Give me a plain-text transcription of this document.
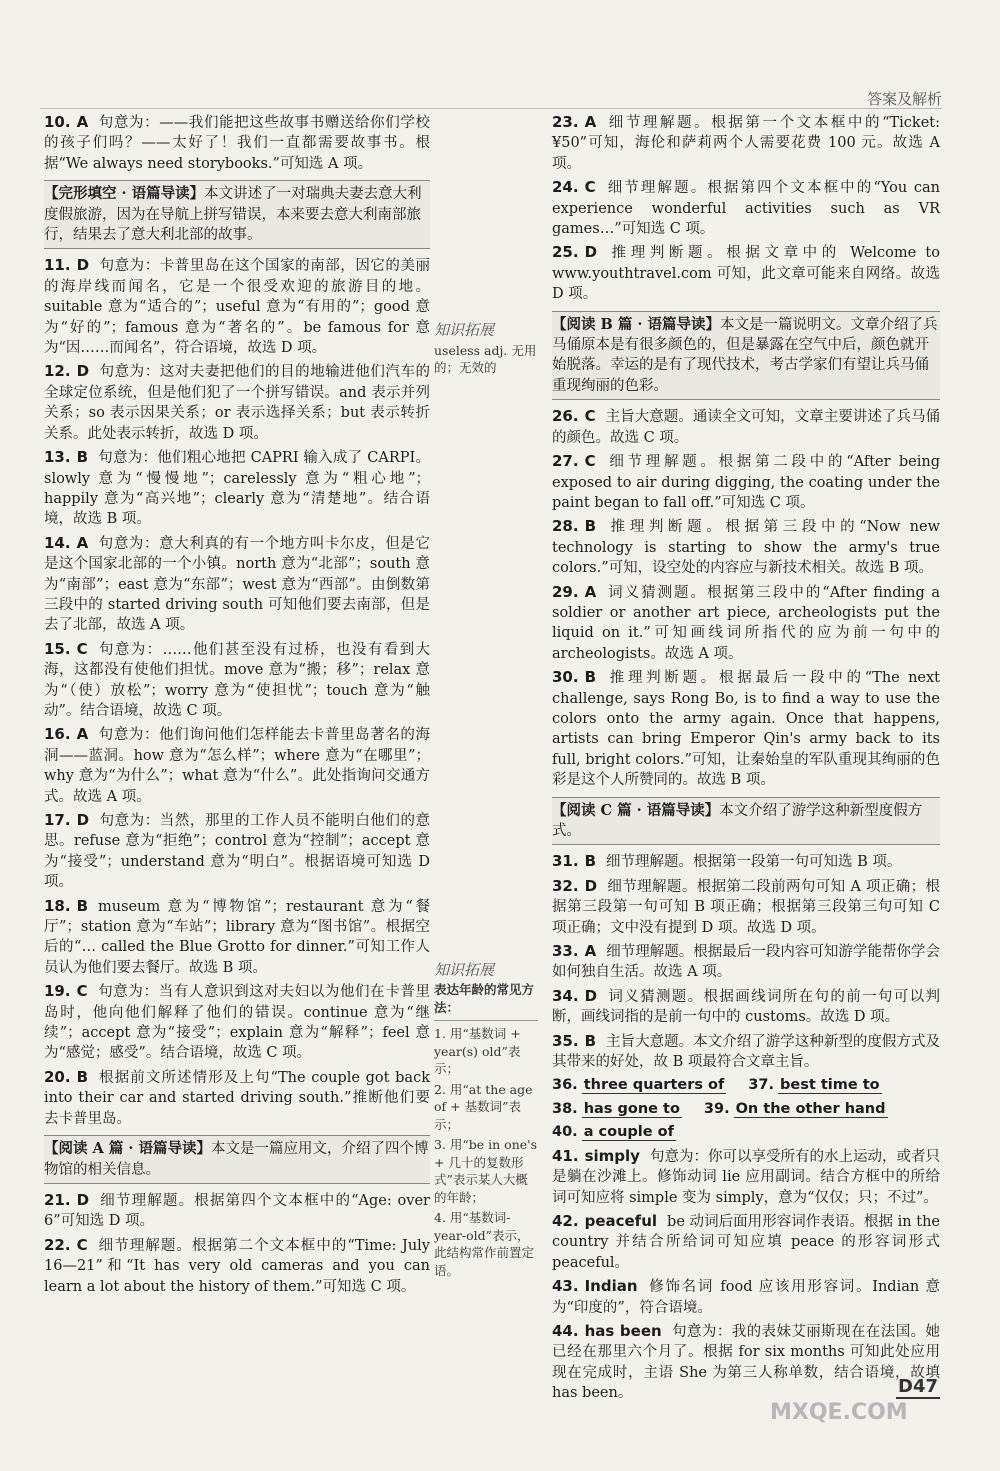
答案及解析

10. A 句意为：——我们能把这些故事书赠送给你们学校的孩子们吗？——太好了！我们一直都需要故事书。根据“We always need storybooks.”可知选 A 项。

【完形填空 · 语篇导读】本文讲述了一对瑞典夫妻去意大利度假旅游，因为在导航上拼写错误，本来要去意大利南部旅行，结果去了意大利北部的故事。

11. D 句意为：卡普里岛在这个国家的南部，因它的美丽的海岸线而闻名，它是一个很受欢迎的旅游目的地。suitable 意为“适合的”；useful 意为“有用的”；good 意为“好的”；famous 意为“著名的”。be famous for 意为“因……而闻名”，符合语境，故选 D 项。

12. D 句意为：这对夫妻把他们的目的地输进他们汽车的全球定位系统，但是他们犯了一个拼写错误。and 表示并列关系；so 表示因果关系；or 表示选择关系；but 表示转折关系。此处表示转折，故选 D 项。

13. B 句意为：他们粗心地把 CAPRI 输入成了 CARPI。slowly 意为“慢慢地”；carelessly 意为“粗心地”；happily 意为“高兴地”；clearly 意为“清楚地”。结合语境，故选 B 项。

14. A 句意为：意大利真的有一个地方叫卡尔皮，但是它是这个国家北部的一个小镇。north 意为“北部”；south 意为“南部”；east 意为“东部”；west 意为“西部”。由倒数第三段中的 started driving south 可知他们要去南部，但是去了北部，故选 A 项。

15. C 句意为：……他们甚至没有过桥，也没有看到大海，这都没有使他们担忧。move 意为“搬；移”；relax 意为“（使）放松”；worry 意为“使担忧”；touch 意为“触动”。结合语境，故选 C 项。

16. A 句意为：他们询问他们怎样能去卡普里岛著名的海洞——蓝洞。how 意为“怎么样”；where 意为“在哪里”；why 意为“为什么”；what 意为“什么”。此处指询问交通方式。故选 A 项。

17. D 句意为：当然，那里的工作人员不能明白他们的意思。refuse 意为“拒绝”；control 意为“控制”；accept 意为“接受”；understand 意为“明白”。根据语境可知选 D 项。

18. B museum 意为“博物馆”；restaurant 意为“餐厅”；station 意为“车站”；library 意为“图书馆”。根据空后的“… called the Blue Grotto for dinner.”可知工作人员认为他们要去餐厅。故选 B 项。

19. C 句意为：当有人意识到这对夫妇以为他们在卡普里岛时，他向他们解释了他们的错误。continue 意为“继续”；accept 意为“接受”；explain 意为“解释”；feel 意为“感觉；感受”。结合语境，故选 C 项。

20. B 根据前文所述情形及上句“The couple got back into their car and started driving south.”推断他们要去卡普里岛。

【阅读 A 篇 · 语篇导读】本文是一篇应用文，介绍了四个博物馆的相关信息。

21. D 细节理解题。根据第四个文本框中的“Age: over 6”可知选 D 项。

22. C 细节理解题。根据第二个文本框中的“Time: July 16—21”和“It has very old cameras and you can learn a lot about the history of them.”可知选 C 项。

知识拓展
useless adj. 无用的；无效的
知识拓展
表达年龄的常见方法：
1. 用“基数词 + year(s) old”表示；
2. 用“at the age of + 基数词”表示；
3. 用“be in one's + 几十的复数形式”表示某人大概的年龄；
4. 用“基数词-year-old”表示，此结构常作前置定语。

23. A 细节理解题。根据第一个文本框中的“Ticket: ¥50”可知，海伦和萨莉两个人需要花费 100 元。故选 A 项。

24. C 细节理解题。根据第四个文本框中的“You can experience wonderful activities such as VR games…”可知选 C 项。

25. D 推理判断题。根据文章中的 Welcome to www.youthtravel.com 可知，此文章可能来自网络。故选 D 项。

【阅读 B 篇 · 语篇导读】本文是一篇说明文。文章介绍了兵马俑原本是有很多颜色的，但是暴露在空气中后，颜色就开始脱落。幸运的是有了现代技术，考古学家们有望让兵马俑重现绚丽的色彩。

26. C 主旨大意题。通读全文可知，文章主要讲述了兵马俑的颜色。故选 C 项。

27. C 细节理解题。根据第二段中的“After being exposed to air during digging, the coating under the paint began to fall off.”可知选 C 项。

28. B 推理判断题。根据第三段中的“Now new technology is starting to show the army's true colors.”可知，设空处的内容应与新技术相关。故选 B 项。

29. A 词义猜测题。根据第三段中的“After finding a soldier or another art piece, archeologists put the liquid on it.”可知画线词所指代的应为前一句中的 archeologists。故选 A 项。

30. B 推理判断题。根据最后一段中的“The next challenge, says Rong Bo, is to find a way to use the colors onto the army again. Once that happens, artists can bring Emperor Qin's army back to its full, bright colors.”可知，让秦始皇的军队重现其绚丽的色彩是这个人所赞同的。故选 B 项。

【阅读 C 篇 · 语篇导读】本文介绍了游学这种新型度假方式。

31. B 细节理解题。根据第一段第一句可知选 B 项。

32. D 细节理解题。根据第二段前两句可知 A 项正确；根据第三段第一句可知 B 项正确；根据第三段第三句可知 C 项正确；文中没有提到 D 项。故选 D 项。

33. A 细节理解题。根据最后一段内容可知游学能帮你学会如何独自生活。故选 A 项。

34. D 词义猜测题。根据画线词所在句的前一句可以判断，画线词指的是前一句中的 customs。故选 D 项。

35. B 主旨大意题。本文介绍了游学这种新型的度假方式及其带来的好处，故 B 项最符合文章主旨。

36. three quarters of 37. best time to
38. has gone to 39. On the other hand
40. a couple of

41. simply 句意为：你可以享受所有的水上运动，或者只是躺在沙滩上。修饰动词 lie 应用副词。结合方框中的所给词可知应将 simple 变为 simply，意为“仅仅；只；不过”。

42. peaceful be 动词后面用形容词作表语。根据 in the country 并结合所给词可知应填 peace 的形容词形式 peaceful。

43. Indian 修饰名词 food 应该用形容词。Indian 意为“印度的”，符合语境。

44. has been 句意为：我的表妹艾丽斯现在在法国。她已经在那里六个月了。根据 for six months 可知此处应用现在完成时，主语 She 为第三人称单数，结合语境，故填 has been。	D47
MXQE.COM
